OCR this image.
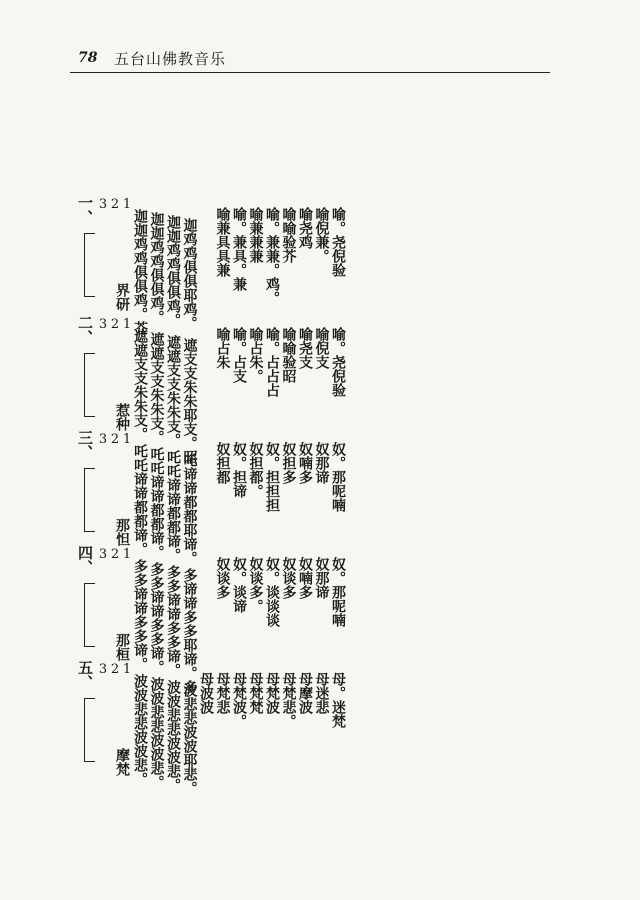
78 五台山佛教音乐
一、 3 2 1
界研 迦迦鸡鸡俱俱鸡。芥 迦迦鸡鸡俱俱鸡。 迦迦鸡鸡俱俱鸡。 迦鸡鸡俱俱耶鸡。 喻兼具具兼 喻。兼具。兼 喻兼兼兼 喻。兼兼。鸡。 喻喻验芥 喻尧鸡 喻倪兼。 喻。尧倪验
二、 3 2 1
惹种 遮遮支支朱朱支。 遮遮支支朱朱支。 遮遮支支朱朱支。 遮支支朱朱耶支。昭 喻占朱 喻。占支 喻占朱。 喻。占占占 喻喻验昭 喻尧支 喻倪支 喻。尧倪验
三、 3 2 1
那怛 吒吒谛谛都都谛。 吒吒谛谛都都谛。 吒吒谛谛都都谛。 吒谛谛都都耶谛。 奴担都 奴。担谛 奴担都。 奴。担担担 奴担多 奴喃多 奴那谛 奴。那呢喃
四、 3 2 1
那桓 多多谛谛多多谛。 多多谛谛多多谛。 多多谛谛多多谛。 多谛谛多多耶谛。多 奴谈多 奴。谈谛 奴谈多。 奴。谈谈谈 奴谈多 奴喃多 奴那谛 奴。那呢喃
五、 3 2 1
摩梵 波波悲悲波波悲。 波波悲悲波波悲。 波波悲悲波波悲。 波悲悲波波耶悲。 母波波 母梵悲 母梵波。 母梵梵 母梵波 母梵悲。 母摩波 母迷悲 母。迷梵
